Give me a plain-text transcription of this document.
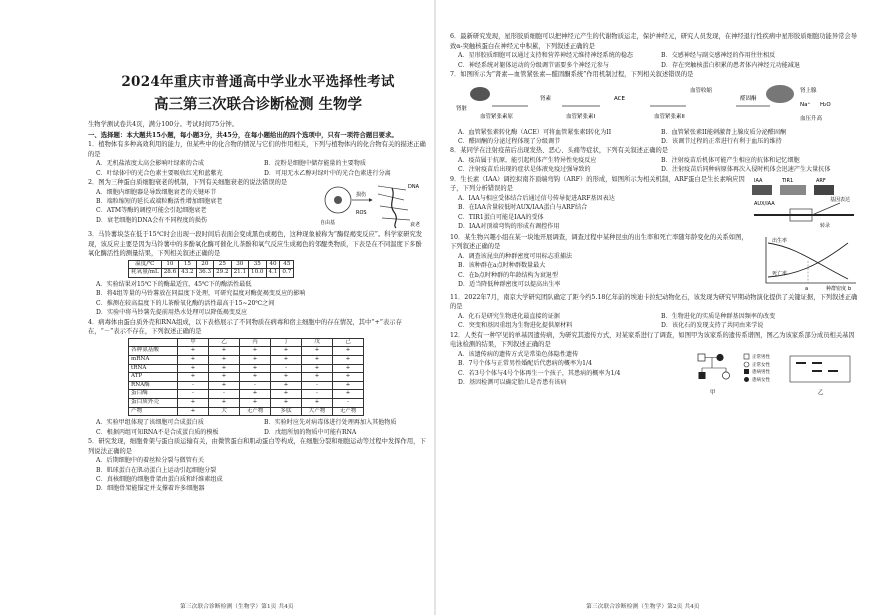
2024年重庆市普通高中学业水平选择性考试

高三第三次联合诊断检测 生物学

生物学测试卷共4页，满分100分。考试时间75分钟。

一、选择题：本大题共15小题，每小题3分，共45分，在每小题给出的四个选项中，只有一项符合题目要求。

1．植物体有多种高效利用的能力，但某些中的化合物的情况与它们的作用相关，下列与植物体内的化合物有关的描述正确的是

A．无机盐浓度太高会影响叶绿素的合成	B．淀粉是细胞中储存能量的主要物质
C．叶绿体中的光合色素主要吸收红光和蓝紫光	D．可用无水乙醇对绿叶中的光合色素进行分离

2．图为三种蛋白质细胞衰老的机制，下列有关细胞衰老的说法错误的是

A．细胞内细胞器是导致细胞衰老的关键环节

B．端粒缩短的延长或端粒酶活性增加细胞衰老

C．ATM等酶的调控可能会引起细胞衰老

D．衰老细胞的DNA会有不同程度的损伤	自由基
损伤
DNA
衰老
ROS

3．马铃薯块茎在低于15℃时会出现一段时间后表面会变成黑色或褐色，这种现象被称为“酶促褐变反应”。科学家研究发现，该反应主要是因为马铃薯中的多酚氧化酶可催化儿茶酚和氧气反应生成褐色的邻醌类物质，下表是在不同温度下多酚氧化酶活性的测量结果，下列相关叙述正确的是

温度/℃	10	15	20	25	30	35	40	45
耗氧量/mL	28.6	43.2	36.3	29.2	21.1	10.0	4.1	0.7

A．实验结果对15℃下的酶最适宜，45℃下的酶活性最低

B．将4组等量的马铃薯放在同温度下处理，可研究温度对酶促褐变反应的影响

C．推测在较高温度下的儿茶酚氧化酶的活性最高于15~20℃之间

D．实验中将马铃薯先提前用热水处理可以降低褐变反应

4．病毒体由蛋白质外壳和RNA组成，以下表格展示了不同物质在病毒和宿主细胞中的存在情况，其中“+”表示存在，“－”表示不存在，下列叙述正确的是

	甲	乙	丙	丁	戊	己
各种氨基酸	+	+	+	+	+	+
mRNA	+	+	+	+	+	+
tRNA	+	+	+	-	+	+
ATP	+	+	+	+	+	+
RNA酶	-	+	-	+	-	+
蛋白酶	-	-	+	+	-	+
蛋白质外壳	+	+	+	+	+	-
产物	+	大	无产物	多肽	大产物	无产物
A．实验甲组体现了该细胞可合成蛋白质	B．实验时应先对病毒体进行处理再加入其他物质
C．根据丙组可知RNA不是合成蛋白质的模板	D．戊组所加的物质中可能有RNA

5．研究发现，细胞骨架与蛋白质运输有关，由微管蛋白和肌动蛋白等构成，在细胞分裂和细胞运动等过程中发挥作用，下列说法正确的是

A．后期细胞中的着丝粒分裂与微管有关

B．肌球蛋白在肌动蛋白上运动引起细胞分裂

C．真核细胞的细胞骨架由蛋白质和纤维素组成

D．细胞骨架能锚定并支撑着许多细胞器

第三次联合诊断检测（生物学）第1页 共4页

6．最新研究发现，星形胶质细胞可以把神经元产生的代谢物质运走，保护神经元，研究人员发现，在神经退行性疾病中星形胶质细胞功能异常会导致α-突触核蛋白在神经元中积累，下列叙述正确的是

A．星形胶质细胞可以通过支持和营养神经元维持神经系统的稳态	B．交感神经与副交感神经的作用往往相反
C．神经系统对躯体运动的分级调节需要多个神经元参与	D．存在突触核蛋白积累的患者体内神经元功能减退

7．如图所示为“肾素—血管紧张素—醛固酮系统”作用机制过程，下列相关叙述错误的是

肾脏
血管紧张素原
肾素
血管紧张素I
ACE
血管紧张素II
醛固酮
肾上腺
血管收缩
Na⁺ H₂O
血压升高
A．血管紧张素转化酶（ACE）可将血管紧张素I转化为II	B．血管紧张素II能刺激肾上腺皮质分泌醛固酮
C．醛固酮的分泌过程体现了分级调节	D．该调节过程的正常进行有利于血压的维持

8．某同学在注射疫苗后出现发热、恶心、头痛等症状，下列有关叙述正确的是

A．疫苗属于抗原，能引起机体产生特异性免疫反应	B．注射疫苗后机体可能产生相应的抗体和记忆细胞
C．注射疫苗后出现的症状是体液免疫过强导致的	D．注射疫苗后同种病原体再次入侵时机体会迅速产生大量抗体

9．生长素（IAA）调控拟南芥顶端弯钩（ARF）的形成，如图所示为相关机制，ARF蛋白是生长素响应因子，下列分析错误的是

A．IAA与相应受体结合后通过信号传导促进ARF基因表达

B．在IAA含量较低时AUX/IAA蛋白与ARF结合

C．TIR1蛋白可能是IAA的受体

D．IAA对顶端弯钩的形成有调控作用

IAA	TIR1	ARF
AUX/IAA
转录
基因表达

10．某生物兴趣小组在某一块地开展调查，调查过程中某种昆虫的出生率和死亡率随年龄变化的关系如图，下列叙述正确的是

A．调查该昆虫的种群密度可用标志重捕法

B．该种群在a点时种群数量最大

C．在b点时种群的年龄结构为衰退型

D．适当降低种群密度可以提高出生率

出生率
死亡率
种群密度
a	b

11．2022年7月，南京大学研究团队确定了距今约5.18亿年前的埃迪卡拉纪动物化石，该发现为研究早期动物演化提供了关键证据，下列叙述正确的是

A．化石是研究生物进化最直接的证据	B．生物进化的实质是种群基因频率的改变
C．突变和基因重组为生物进化提供原材料	D．该化石的发现支持了共同由来学说

12．人类有一种罕见的单基因遗传病，为研究其遗传方式，对某家系进行了调查，如图甲为该家系的遗传系谱图，图乙为该家系部分成员相关基因电泳检测的结果，下列叙述正确的是

A．该遗传病的遗传方式是常染色体隐性遗传

B．7号个体与正常男性婚配后代患病的概率为1/4

C．若3号个体与4号个体再生一个孩子，其患病的概率为1/4

D．基因检测可以确定胎儿是否患有该病

甲	乙
正常男性
正常女性
患病男性
患病女性
第三次联合诊断检测（生物学）第2页 共4页
